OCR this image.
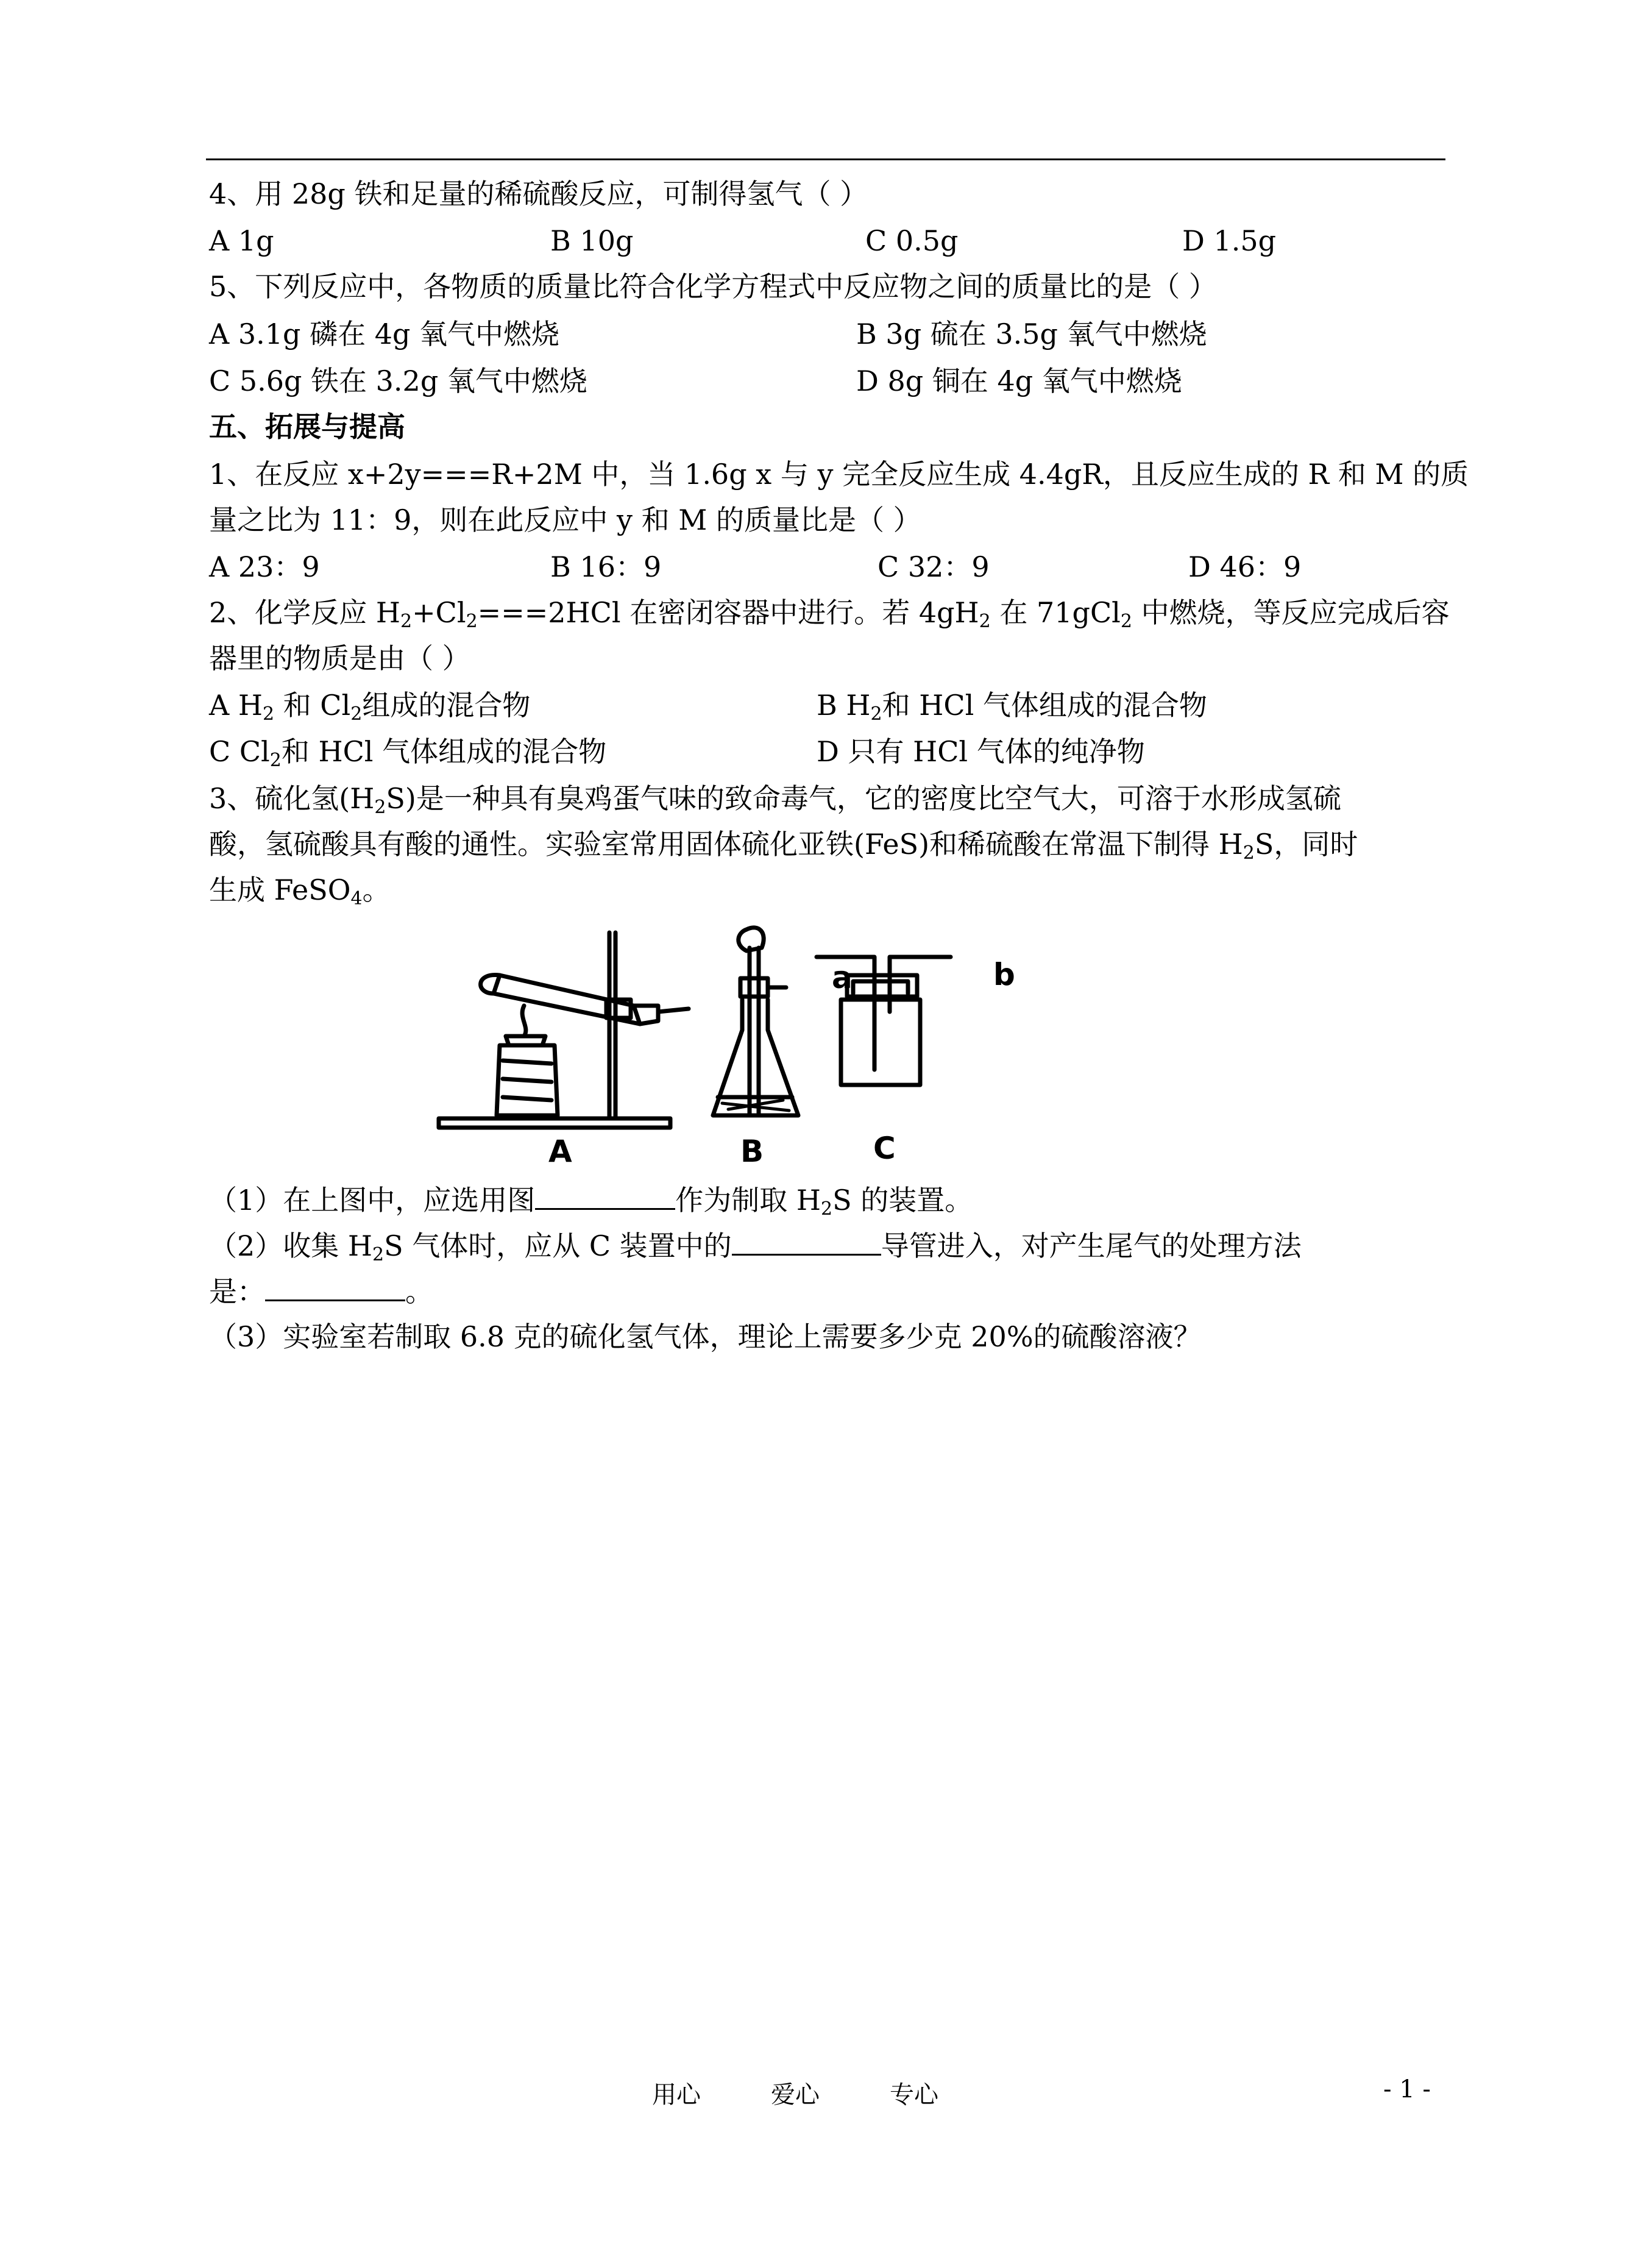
4、用 28g 铁和足量的稀硫酸反应，可制得氢气（ ）
A 1g	B 10g	C 0.5g	D 1.5g
5、下列反应中，各物质的质量比符合化学方程式中反应物之间的质量比的是（ ）
A 3.1g 磷在 4g 氧气中燃烧	B 3g 硫在 3.5g 氧气中燃烧
C 5.6g 铁在 3.2g 氧气中燃烧	D 8g 铜在 4g 氧气中燃烧
五、拓展与提高
1、在反应 x+2y===R+2M 中，当 1.6g x 与 y 完全反应生成 4.4gR，且反应生成的 R 和 M 的质
量之比为 11：9，则在此反应中 y 和 M 的质量比是（ ）
A 23：9	B 16：9	C 32：9	D 46：9
2、化学反应 $H_2+Cl_2===2HCl$ 在密闭容器中进行。若 $4gH_2$ 在 71gCl$_2$ 中燃烧，等反应完成后容
器里的物质是由（ ）
A $H_2$ 和 $Cl_2$组成的混合物	B $H_2$和 HCl 气体组成的混合物
C $Cl_2$和 HCl 气体组成的混合物	D 只有 HCl 气体的纯净物
3、硫化氢$(H_2S)$是一种具有臭鸡蛋气味的致命毒气，它的密度比空气大，可溶于水形成氢硫
酸，氢硫酸具有酸的通性。实验室常用固体硫化亚铁(FeS)和稀硫酸在常温下制得 $H_2S$，同时
生成 FeSO$_4$。
A	B	C
a	b
（1）在上图中，应选用图	作为制取 $H_2S$ 的装置。
（2）收集 $H_2S$ 气体时，应从 C 装置中的	导管进入，对产生尾气的处理方法
是：	。
（3）实验室若制取 6.8 克的硫化氢气体，理论上需要多少克 20%的硫酸溶液？
用心	爱心	专心	- 1 -
